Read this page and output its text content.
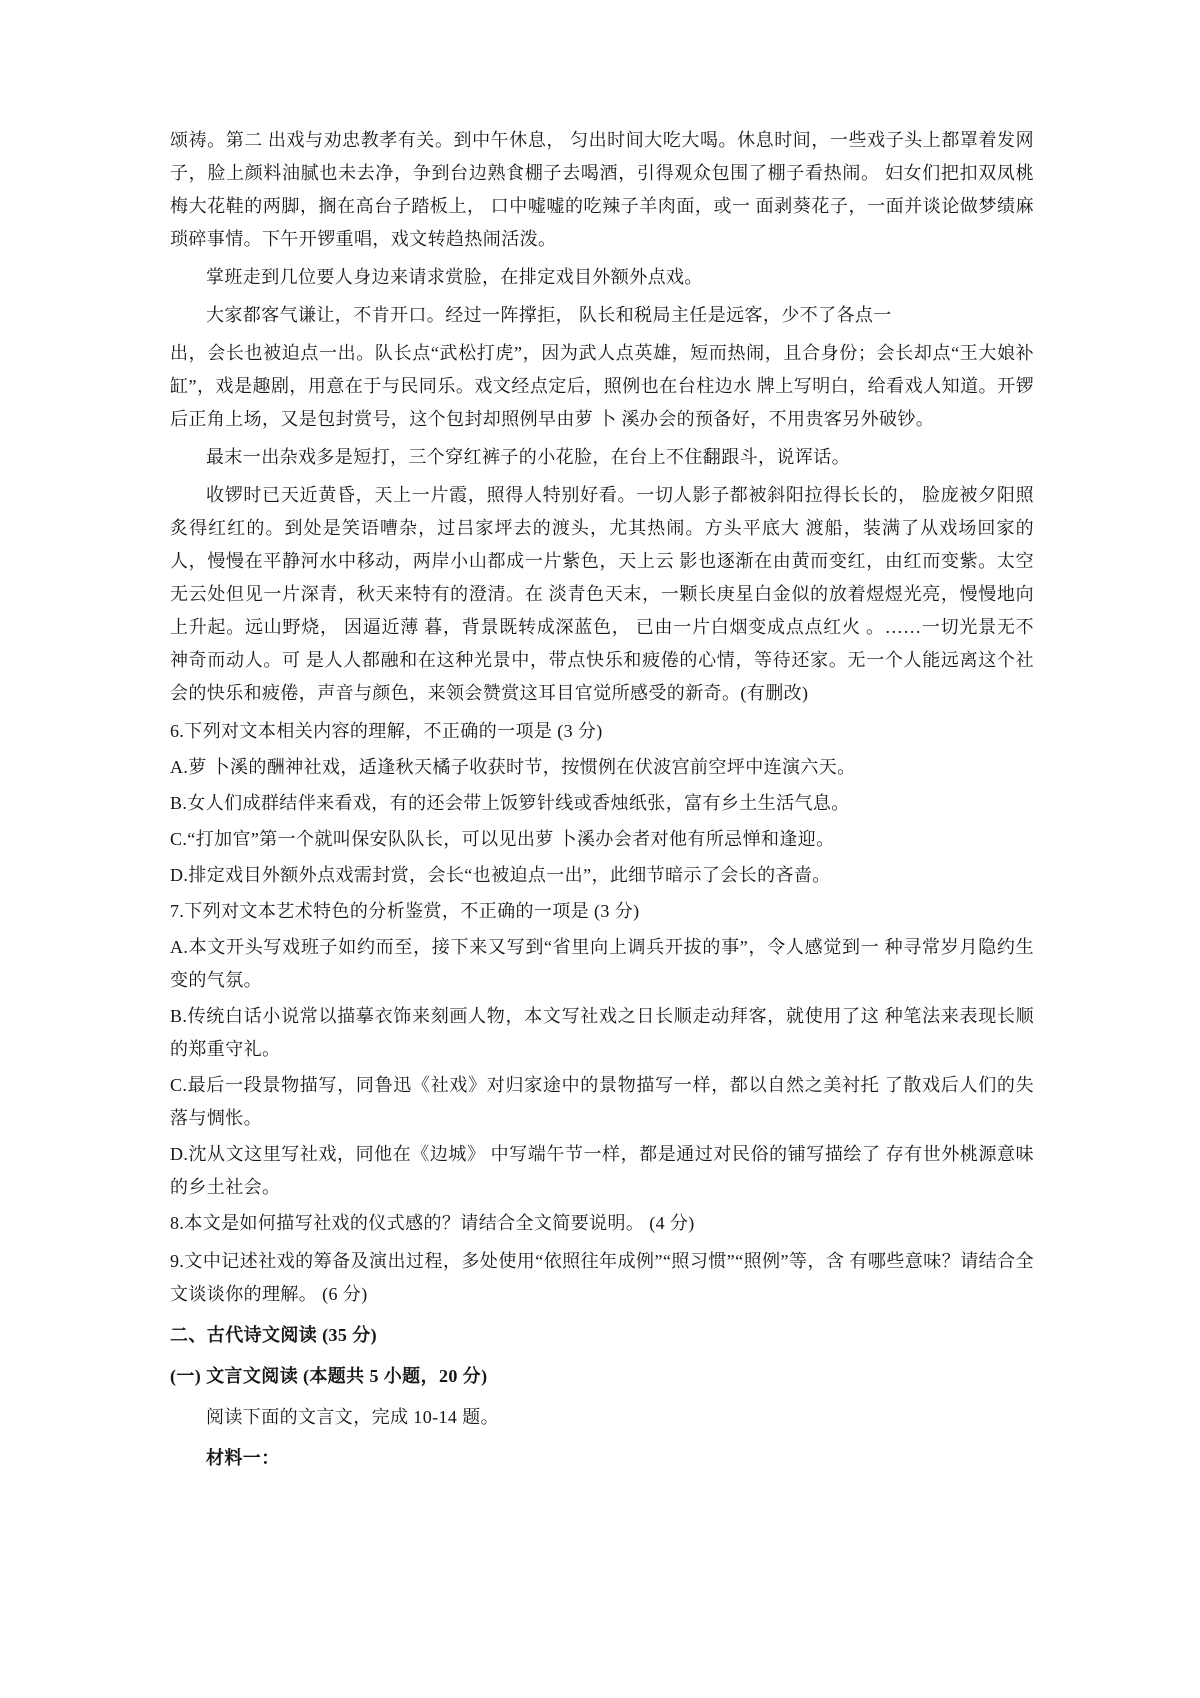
颂祷。第二 出戏与劝忠教孝有关。到中午休息， 匀出时间大吃大喝。休息时间，一些戏子头上都罩着发网子，脸上颜料油腻也未去净，争到台边熟食棚子去喝酒，引得观众包围了棚子看热闹。 妇女们把扣双凤桃梅大花鞋的两脚，搁在高台子踏板上， 口中嘘嘘的吃辣子羊肉面，或一 面剥葵花子，一面并谈论做梦绩麻琐碎事情。下午开锣重唱，戏文转趋热闹活泼。

掌班走到几位要人身边来请求赏脸，在排定戏目外额外点戏。

大家都客气谦让，不肯开口。经过一阵撑拒， 队长和税局主任是远客，少不了各点一

出，会长也被迫点一出。队长点“武松打虎”，因为武人点英雄，短而热闹，且合身份；会长却点“王大娘补缸”，戏是趣剧，用意在于与民同乐。戏文经点定后，照例也在台柱边水 牌上写明白，给看戏人知道。开锣后正角上场，又是包封赏号，这个包封却照例早由萝 卜 溪办会的预备好，不用贵客另外破钞。

最末一出杂戏多是短打，三个穿红裤子的小花脸，在台上不住翻跟斗，说诨话。

收锣时已天近黄昏，天上一片霞，照得人特别好看。一切人影子都被斜阳拉得长长的， 脸庞被夕阳照炙得红红的。到处是笑语嘈杂，过吕家坪去的渡头，尤其热闹。方头平底大 渡船，装满了从戏场回家的人，慢慢在平静河水中移动，两岸小山都成一片紫色，天上云 影也逐渐在由黄而变红，由红而变紫。太空无云处但见一片深青，秋天来特有的澄清。在 淡青色天末，一颗长庚星白金似的放着煜煜光亮，慢慢地向上升起。远山野烧， 因逼近薄 暮，背景既转成深蓝色， 已由一片白烟变成点点红火 。……一切光景无不神奇而动人。可 是人人都融和在这种光景中，带点快乐和疲倦的心情，等待还家。无一个人能远离这个社 会的快乐和疲倦，声音与颜色，来领会赞赏这耳目官觉所感受的新奇。(有删改)

6.下列对文本相关内容的理解，不正确的一项是 (3 分)

A.萝 卜溪的酬神社戏，适逢秋天橘子收获时节，按惯例在伏波宫前空坪中连演六天。

B.女人们成群结伴来看戏，有的还会带上饭箩针线或香烛纸张，富有乡土生活气息。

C.“打加官”第一个就叫保安队队长，可以见出萝 卜溪办会者对他有所忌惮和逢迎。

D.排定戏目外额外点戏需封赏，会长“也被迫点一出”，此细节暗示了会长的吝啬。

7.下列对文本艺术特色的分析鉴赏，不正确的一项是 (3 分)

A.本文开头写戏班子如约而至，接下来又写到“省里向上调兵开拔的事”，令人感觉到一 种寻常岁月隐约生变的气氛。

B.传统白话小说常以描摹衣饰来刻画人物，本文写社戏之日长顺走动拜客，就使用了这 种笔法来表现长顺的郑重守礼。

C.最后一段景物描写，同鲁迅《社戏》对归家途中的景物描写一样，都以自然之美衬托 了散戏后人们的失落与惆怅。

D.沈从文这里写社戏，同他在《边城》 中写端午节一样，都是通过对民俗的铺写描绘了 存有世外桃源意味的乡土社会。

8.本文是如何描写社戏的仪式感的？请结合全文简要说明。 (4 分)

9.文中记述社戏的筹备及演出过程，多处使用“依照往年成例”“照习惯”“照例”等，含 有哪些意味？请结合全文谈谈你的理解。 (6 分)

二、古代诗文阅读 (35 分)

(一) 文言文阅读 (本题共 5 小题，20 分)

阅读下面的文言文，完成 10-14 题。

材料一：
